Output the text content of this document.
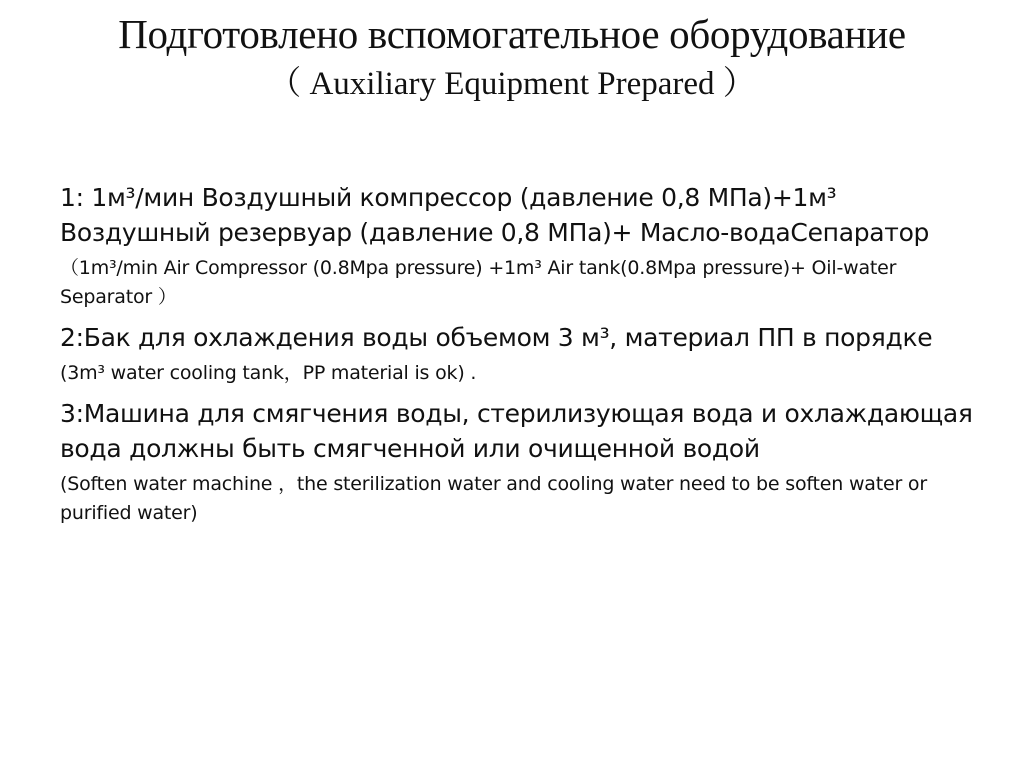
Подготовлено вспомогательное оборудование
（ Auxiliary Equipment Prepared ）
1: 1м³/мин Воздушный компрессор (давление 0,8 МПа)+1м³ Воздушный резервуар (давление 0,8 МПа)+ Масло-водаСепаратор
（1m³/min Air Compressor (0.8Mpa pressure) +1m³ Air tank(0.8Mpa pressure)+ Oil-water Separator ）
2:Бак для охлаждения воды объемом 3 м³, материал ПП в порядке
(3m³ water cooling tank，PP material is ok) .
3:Машина для смягчения воды, стерилизующая вода и охлаждающая вода должны быть смягченной или очищенной водой
(Soften water machine ，the sterilization water and cooling water need to be soften water or purified water)
